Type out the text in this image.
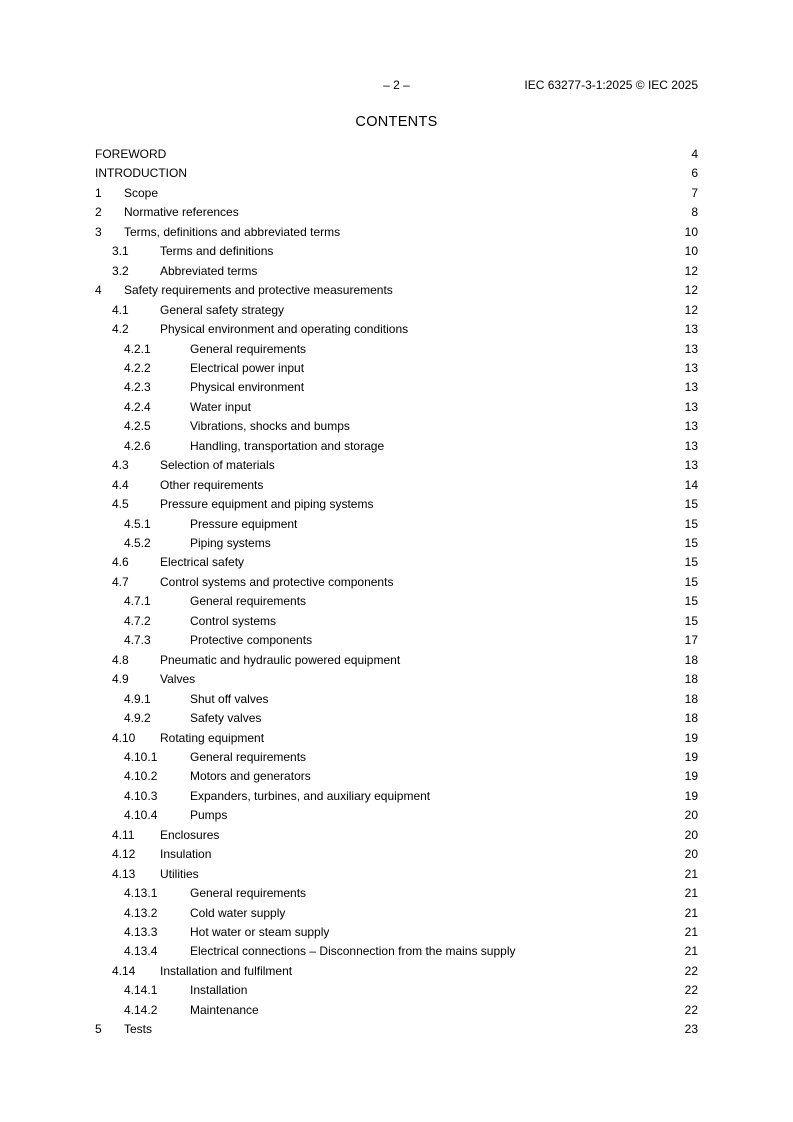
– 2 –	IEC 63277-3-1:2025 © IEC 2025
CONTENTS
FOREWORD	4
INTRODUCTION	6
1	Scope	7
2	Normative references	8
3	Terms, definitions and abbreviated terms	10
3.1	Terms and definitions	10
3.2	Abbreviated terms	12
4	Safety requirements and protective measurements	12
4.1	General safety strategy	12
4.2	Physical environment and operating conditions	13
4.2.1	General requirements	13
4.2.2	Electrical power input	13
4.2.3	Physical environment	13
4.2.4	Water input	13
4.2.5	Vibrations, shocks and bumps	13
4.2.6	Handling, transportation and storage	13
4.3	Selection of materials	13
4.4	Other requirements	14
4.5	Pressure equipment and piping systems	15
4.5.1	Pressure equipment	15
4.5.2	Piping systems	15
4.6	Electrical safety	15
4.7	Control systems and protective components	15
4.7.1	General requirements	15
4.7.2	Control systems	15
4.7.3	Protective components	17
4.8	Pneumatic and hydraulic powered equipment	18
4.9	Valves	18
4.9.1	Shut off valves	18
4.9.2	Safety valves	18
4.10	Rotating equipment	19
4.10.1	General requirements	19
4.10.2	Motors and generators	19
4.10.3	Expanders, turbines, and auxiliary equipment	19
4.10.4	Pumps	20
4.11	Enclosures	20
4.12	Insulation	20
4.13	Utilities	21
4.13.1	General requirements	21
4.13.2	Cold water supply	21
4.13.3	Hot water or steam supply	21
4.13.4	Electrical connections – Disconnection from the mains supply	21
4.14	Installation and fulfilment	22
4.14.1	Installation	22
4.14.2	Maintenance	22
5	Tests	23
